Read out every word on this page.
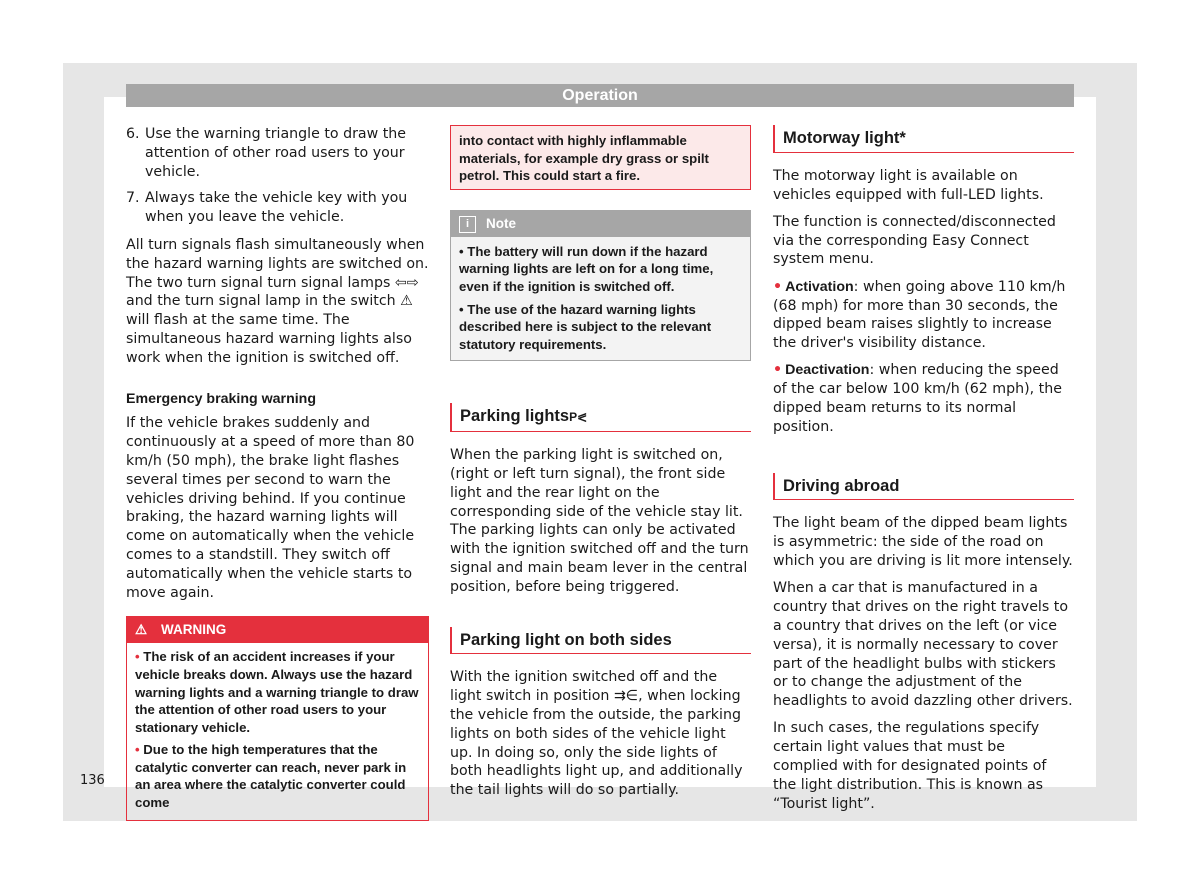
Operation
6. Use the warning triangle to draw the attention of other road users to your vehicle.
7. Always take the vehicle key with you when you leave the vehicle.

All turn signals flash simultaneously when the hazard warning lights are switched on. The two turn signal turn signal lamps ⇦⇨ and the turn signal lamp in the switch ⚠ will flash at the same time. The simultaneous hazard warning lights also work when the ignition is switched off.

Emergency braking warning

If the vehicle brakes suddenly and continuously at a speed of more than 80 km/h (50 mph), the brake light flashes several times per second to warn the vehicles driving behind. If you continue braking, the hazard warning lights will come on automatically when the vehicle comes to a standstill. They switch off automatically when the vehicle starts to move again.

⚠ WARNING
• The risk of an accident increases if your vehicle breaks down. Always use the hazard warning lights and a warning triangle to draw the attention of other road users to your stationary vehicle.
• Due to the high temperatures that the catalytic converter can reach, never park in an area where the catalytic converter could come
into contact with highly inflammable materials, for example dry grass or spilt petrol. This could start a fire.
i Note
• The battery will run down if the hazard warning lights are left on for a long time, even if the ignition is switched off.
• The use of the hazard warning lights described here is subject to the relevant statutory requirements.
Parking lightsP⪕

When the parking light is switched on, (right or left turn signal), the front side light and the rear light on the corresponding side of the vehicle stay lit. The parking lights can only be activated with the ignition switched off and the turn signal and main beam lever in the central position, before being triggered.

Parking light on both sides

With the ignition switched off and the light switch in position ⇉∈, when locking the vehicle from the outside, the parking lights on both sides of the vehicle light up. In doing so, only the side lights of both headlights light up, and additionally the tail lights will do so partially.

Motorway light*

The motorway light is available on vehicles equipped with full-LED lights.

The function is connected/disconnected via the corresponding Easy Connect system menu.

• Activation: when going above 110 km/h (68 mph) for more than 30 seconds, the dipped beam raises slightly to increase the driver's visibility distance.

• Deactivation: when reducing the speed of the car below 100 km/h (62 mph), the dipped beam returns to its normal position.

Driving abroad

The light beam of the dipped beam lights is asymmetric: the side of the road on which you are driving is lit more intensely.

When a car that is manufactured in a country that drives on the right travels to a country that drives on the left (or vice versa), it is normally necessary to cover part of the headlight bulbs with stickers or to change the adjustment of the headlights to avoid dazzling other drivers.

In such cases, the regulations specify certain light values that must be complied with for designated points of the light distribution. This is known as “Tourist light”.

136
